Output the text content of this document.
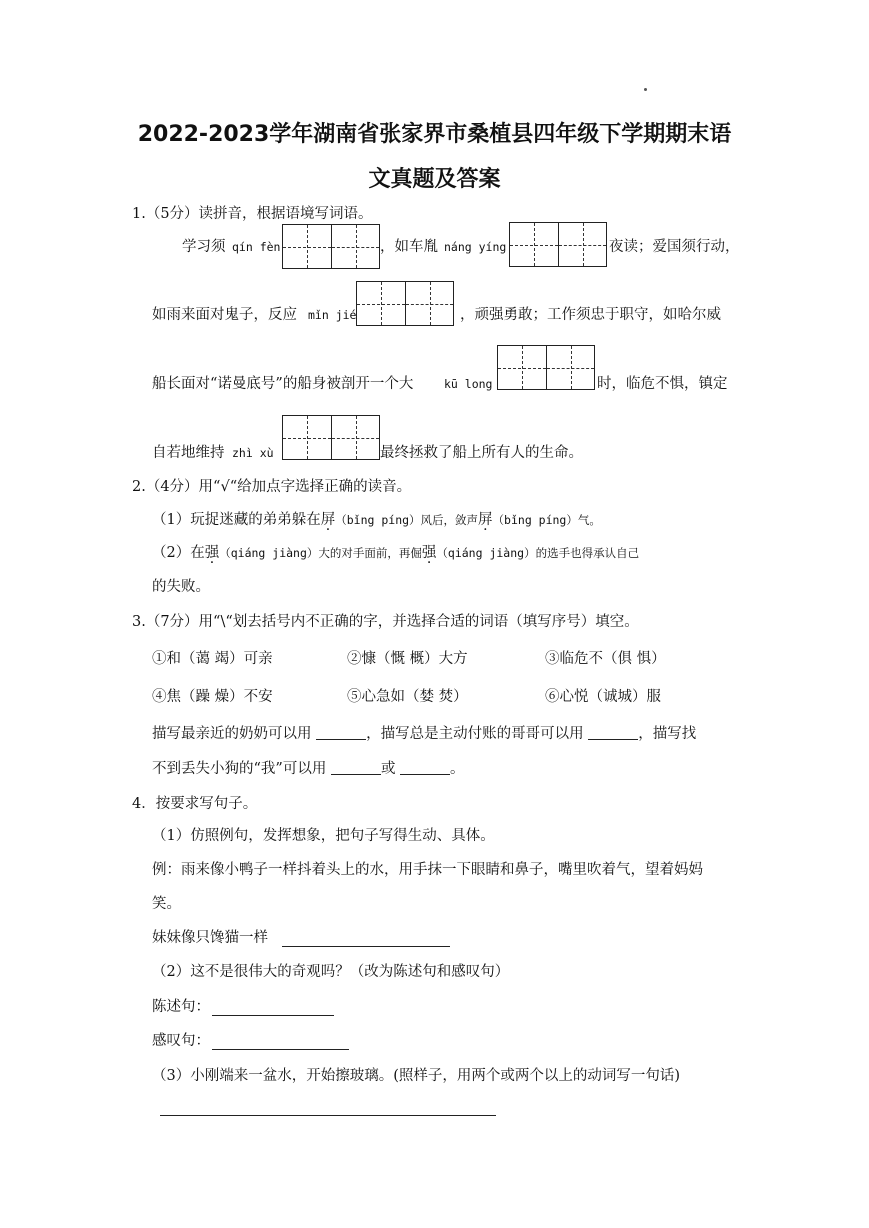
2022-2023学年湖南省张家界市桑植县四年级下学期期末语
文真题及答案
1.（5分）读拼音，根据语境写词语。
学习须 qín fèn	，如车胤 náng yíng	夜读；爱国须行动，
如雨来面对鬼子，反应 mǐn jié	，顽强勇敢；工作须忠于职守，如哈尔威
船长面对“诺曼底号”的船身被剖开一个大	kū long	时，临危不惧，镇定
自若地维持 zhì xù	最终拯救了船上所有人的生命。
2.（4分）用“√“给加点字选择正确的读音。
（1）玩捉迷藏的弟弟躲在屏（bǐng píng）风后，敛声屏（bǐng píng）气。
（2）在强（qiáng jiàng）大的对手面前，再倔强（qiáng jiàng）的选手也得承认自己
的失败。
3.（7分）用“\“划去括号内不正确的字，并选择合适的词语（填写序号）填空。
①和（蔼 竭）可亲	②慷（慨 概）大方	③临危不（俱 惧）
④焦（躁 燥）不安	⑤心急如（婪 焚）	⑥心悦（诚城）服
描写最亲近的奶奶可以用	，描写总是主动付账的哥哥可以用	，描写找
不到丢失小狗的“我”可以用	或	。
4．按要求写句子。
（1）仿照例句，发挥想象，把句子写得生动、具体。
例：雨来像小鸭子一样抖着头上的水，用手抹一下眼睛和鼻子，嘴里吹着气，望着妈妈
笑。
妹妹像只馋猫一样
（2）这不是很伟大的奇观吗？（改为陈述句和感叹句）
陈述句：
感叹句：
（3）小刚端来一盆水，开始擦玻璃。(照样子，用两个或两个以上的动词写一句话)
